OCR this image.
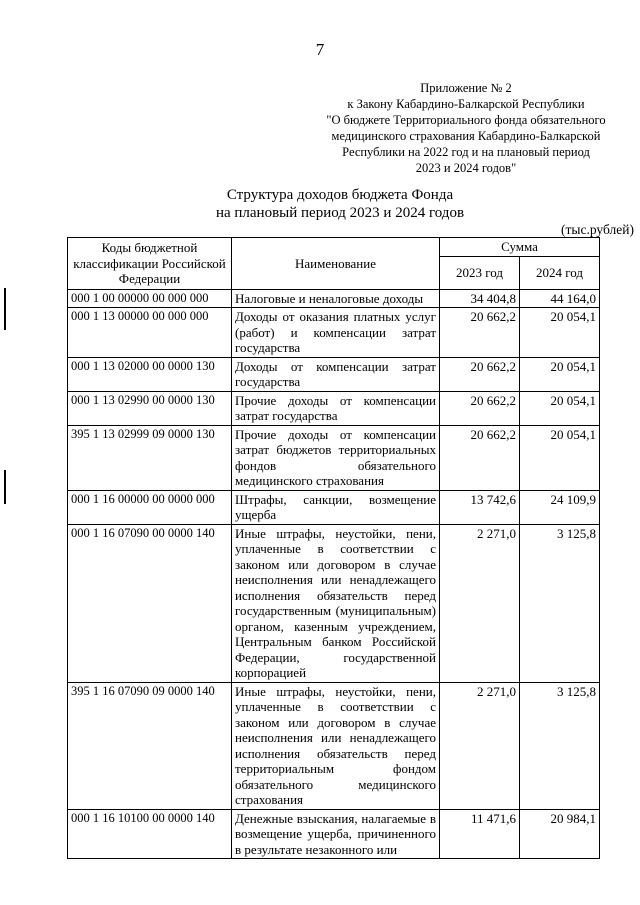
7
Приложение № 2
к Закону Кабардино-Балкарской Республики
"О бюджете Территориального фонда обязательного
медицинского страхования Кабардино-Балкарской
Республики на 2022 год и на плановый период
2023 и 2024 годов"
Структура доходов бюджета Фонда
на плановый период 2023 и 2024 годов
(тыс.рублей)
Коды бюджетной классификации Российской Федерации	Наименование	Сумма	
		2023 год	2024 год
000 1 00 00000 00 000 000	Налоговые и неналоговые доходы	34 404,8	44 164,0
000 1 13 00000 00 000 000	Доходы от оказания платных услуг (работ) и компенсации затрат государства	20 662,2	20 054,1
000 1 13 02000 00 0000 130	Доходы от компенсации затрат государства	20 662,2	20 054,1
000 1 13 02990 00 0000 130	Прочие доходы от компенсации затрат государства	20 662,2	20 054,1
395 1 13 02999 09 0000 130	Прочие доходы от компенсации затрат бюджетов территориальных фондов обязательного медицинского страхования	20 662,2	20 054,1
000 1 16 00000 00 0000 000	Штрафы, санкции, возмещение ущерба	13 742,6	24 109,9
000 1 16 07090 00 0000 140	Иные штрафы, неустойки, пени, уплаченные в соответствии с законом или договором в случае неисполнения или ненадлежащего исполнения обязательств перед государственным (муниципальным) органом, казенным учреждением, Центральным банком Российской Федерации, государственной корпорацией	2 271,0	3 125,8
395 1 16 07090 09 0000 140	Иные штрафы, неустойки, пени, уплаченные в соответствии с законом или договором в случае неисполнения или ненадлежащего исполнения обязательств перед территориальным фондом обязательного медицинского страхования	2 271,0	3 125,8
000 1 16 10100 00 0000 140	Денежные взыскания, налагаемые в возмещение ущерба, причиненного в результате незаконного или	11 471,6	20 984,1
